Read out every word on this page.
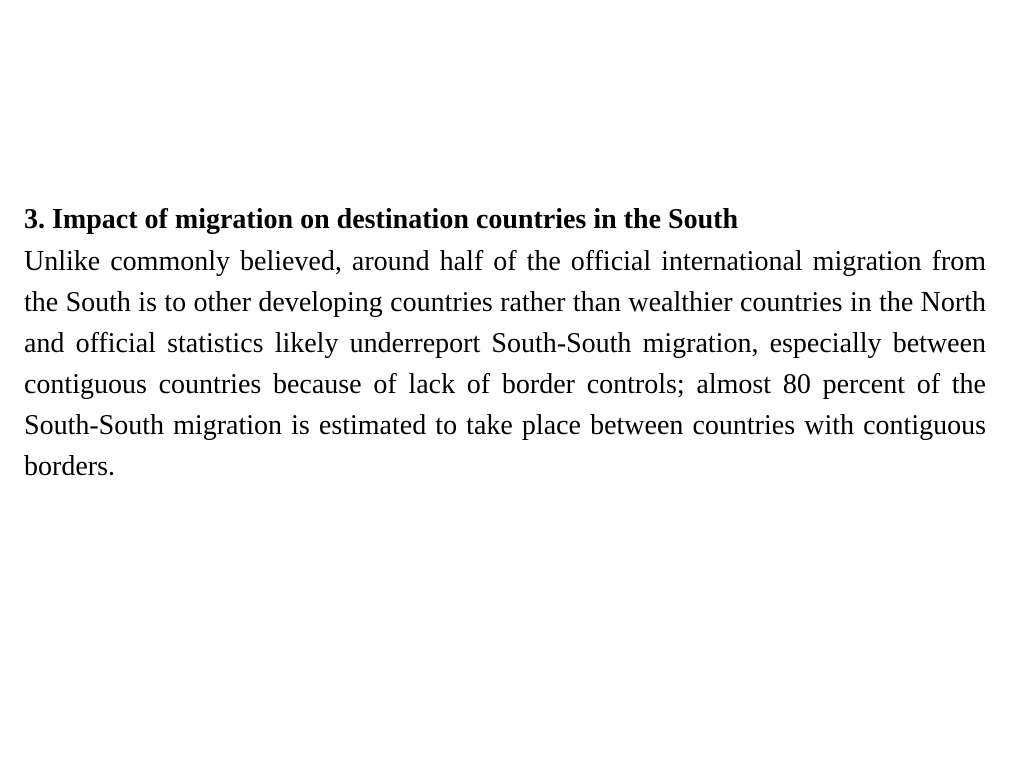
3. Impact of migration on destination countries in the South

Unlike commonly believed, around half of the official international migration from the South is to other developing countries rather than wealthier countries in the North and official statistics likely underreport South-South migration, especially between contiguous countries because of lack of border controls; almost 80 percent of the South-South migration is estimated to take place between countries with contiguous borders.
